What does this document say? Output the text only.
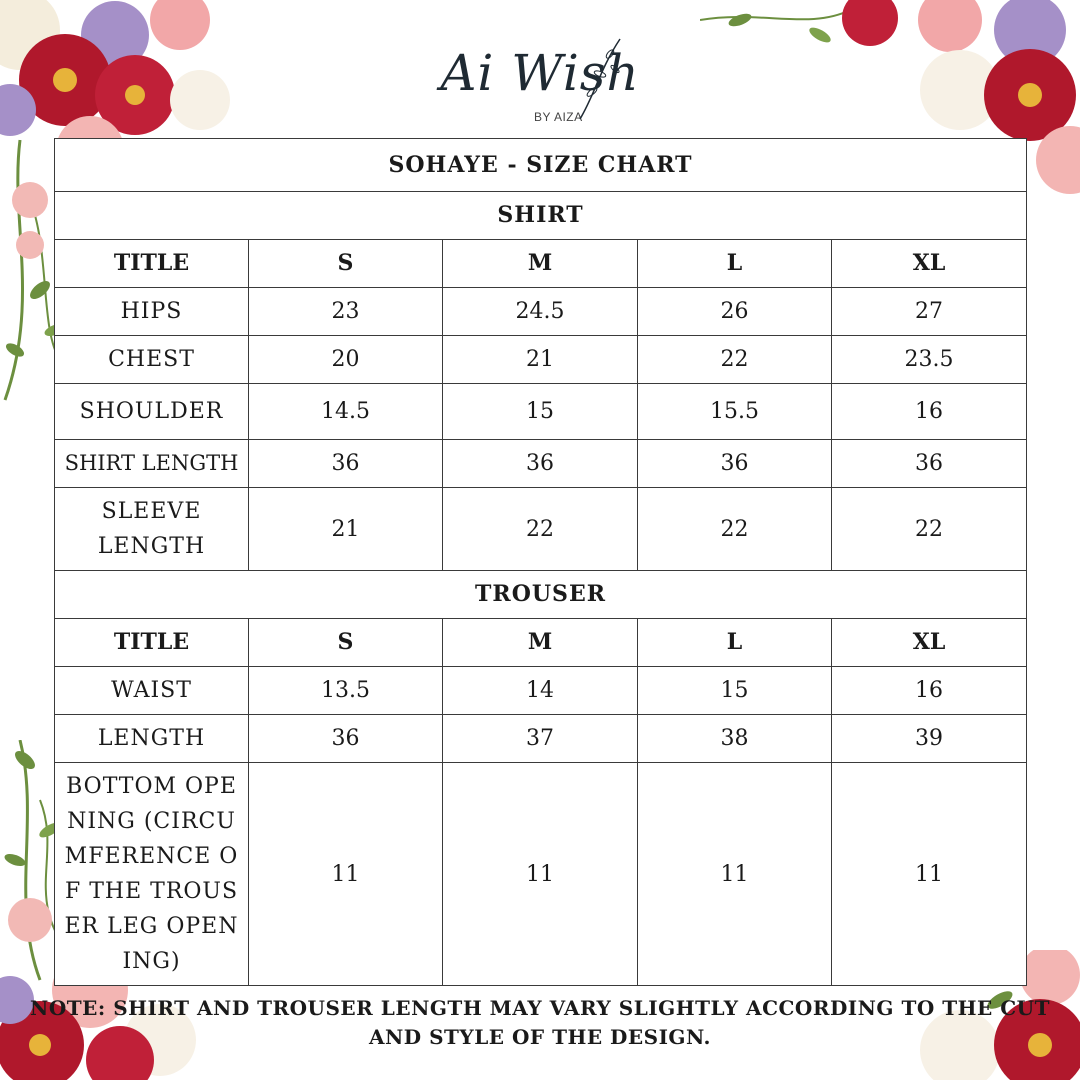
Ai Wish
BY AIZA
SOHAYE - SIZE CHART				
SHIRT				
TITLE	S	M	L	XL
HIPS	23	24.5	26	27
CHEST	20	21	22	23.5
SHOULDER	14.5	15	15.5	16
SHIRT LENGTH	36	36	36	36
SLEEVE LENGTH	21	22	22	22
TROUSER				
TITLE	S	M	L	XL
WAIST	13.5	14	15	16
LENGTH	36	37	38	39
BOTTOM OPENING (CIRCUMFERENCE OF THE TROUSER LEG OPENING)	11	11	11	11
NOTE: SHIRT AND TROUSER LENGTH MAY VARY SLIGHTLY ACCORDING TO THE CUT AND STYLE OF THE DESIGN.
